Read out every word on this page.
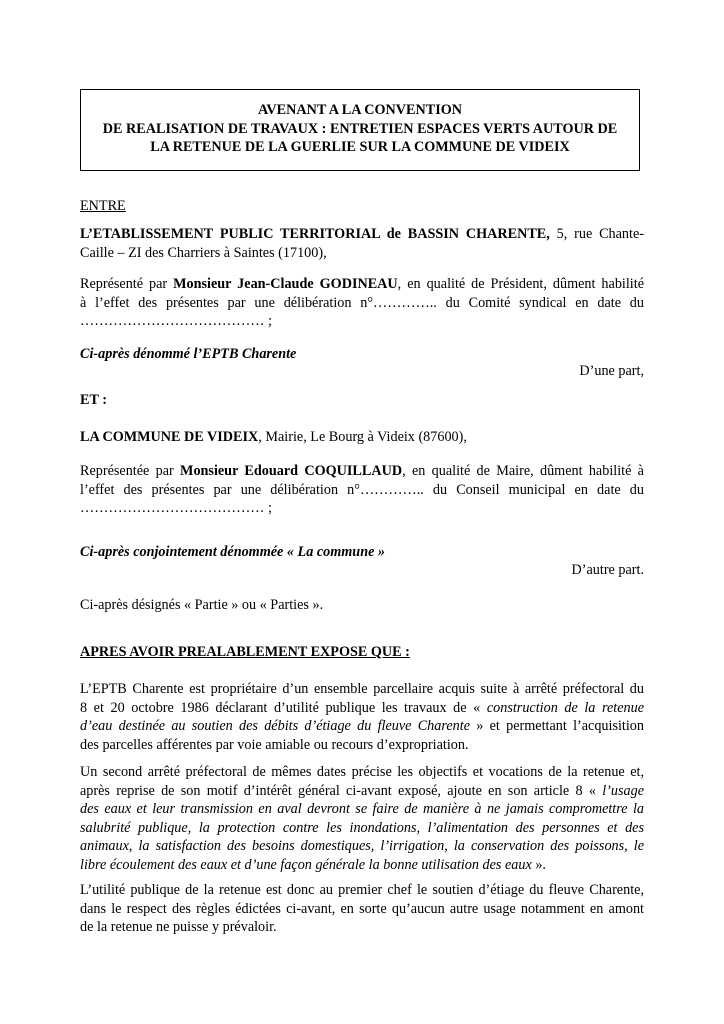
AVENANT A LA CONVENTION
DE REALISATION DE TRAVAUX : ENTRETIEN ESPACES VERTS AUTOUR DE
LA RETENUE DE LA GUERLIE SUR LA COMMUNE DE VIDEIX
ENTRE
L’ETABLISSEMENT PUBLIC TERRITORIAL de BASSIN CHARENTE, 5, rue Chante-
Caille – ZI des Charriers à Saintes (17100),
Représenté par Monsieur Jean-Claude GODINEAU, en qualité de Président, dûment habilité
à l’effet des présentes par une délibération n°………….. du Comité syndical en date du
………………………………… ;
Ci-après dénommé l’EPTB Charente
D’une part,
ET :
LA COMMUNE DE VIDEIX, Mairie, Le Bourg à Videix (87600),
Représentée par Monsieur Edouard COQUILLAUD, en qualité de Maire, dûment habilité à
l’effet des présentes par une délibération n°………….. du Conseil municipal en date du
………………………………… ;
Ci-après conjointement dénommée « La commune »
D’autre part.
Ci-après désignés « Partie » ou « Parties ».
APRES AVOIR PREALABLEMENT EXPOSE QUE :
L’EPTB Charente est propriétaire d’un ensemble parcellaire acquis suite à arrêté préfectoral du
8 et 20 octobre 1986 déclarant d’utilité publique les travaux de « construction de la retenue
d’eau destinée au soutien des débits d’étiage du fleuve Charente » et permettant l’acquisition
des parcelles afférentes par voie amiable ou recours d’expropriation.
Un second arrêté préfectoral de mêmes dates précise les objectifs et vocations de la retenue et,
après reprise de son motif d’intérêt général ci-avant exposé, ajoute en son article 8 « l’usage
des eaux et leur transmission en aval devront se faire de manière à ne jamais compromettre la
salubrité publique, la protection contre les inondations, l’alimentation des personnes et des
animaux, la satisfaction des besoins domestiques, l’irrigation, la conservation des poissons, le
libre écoulement des eaux et d’une façon générale la bonne utilisation des eaux ».
L’utilité publique de la retenue est donc au premier chef le soutien d’étiage du fleuve Charente,
dans le respect des règles édictées ci-avant, en sorte qu’aucun autre usage notamment en amont
de la retenue ne puisse y prévaloir.
